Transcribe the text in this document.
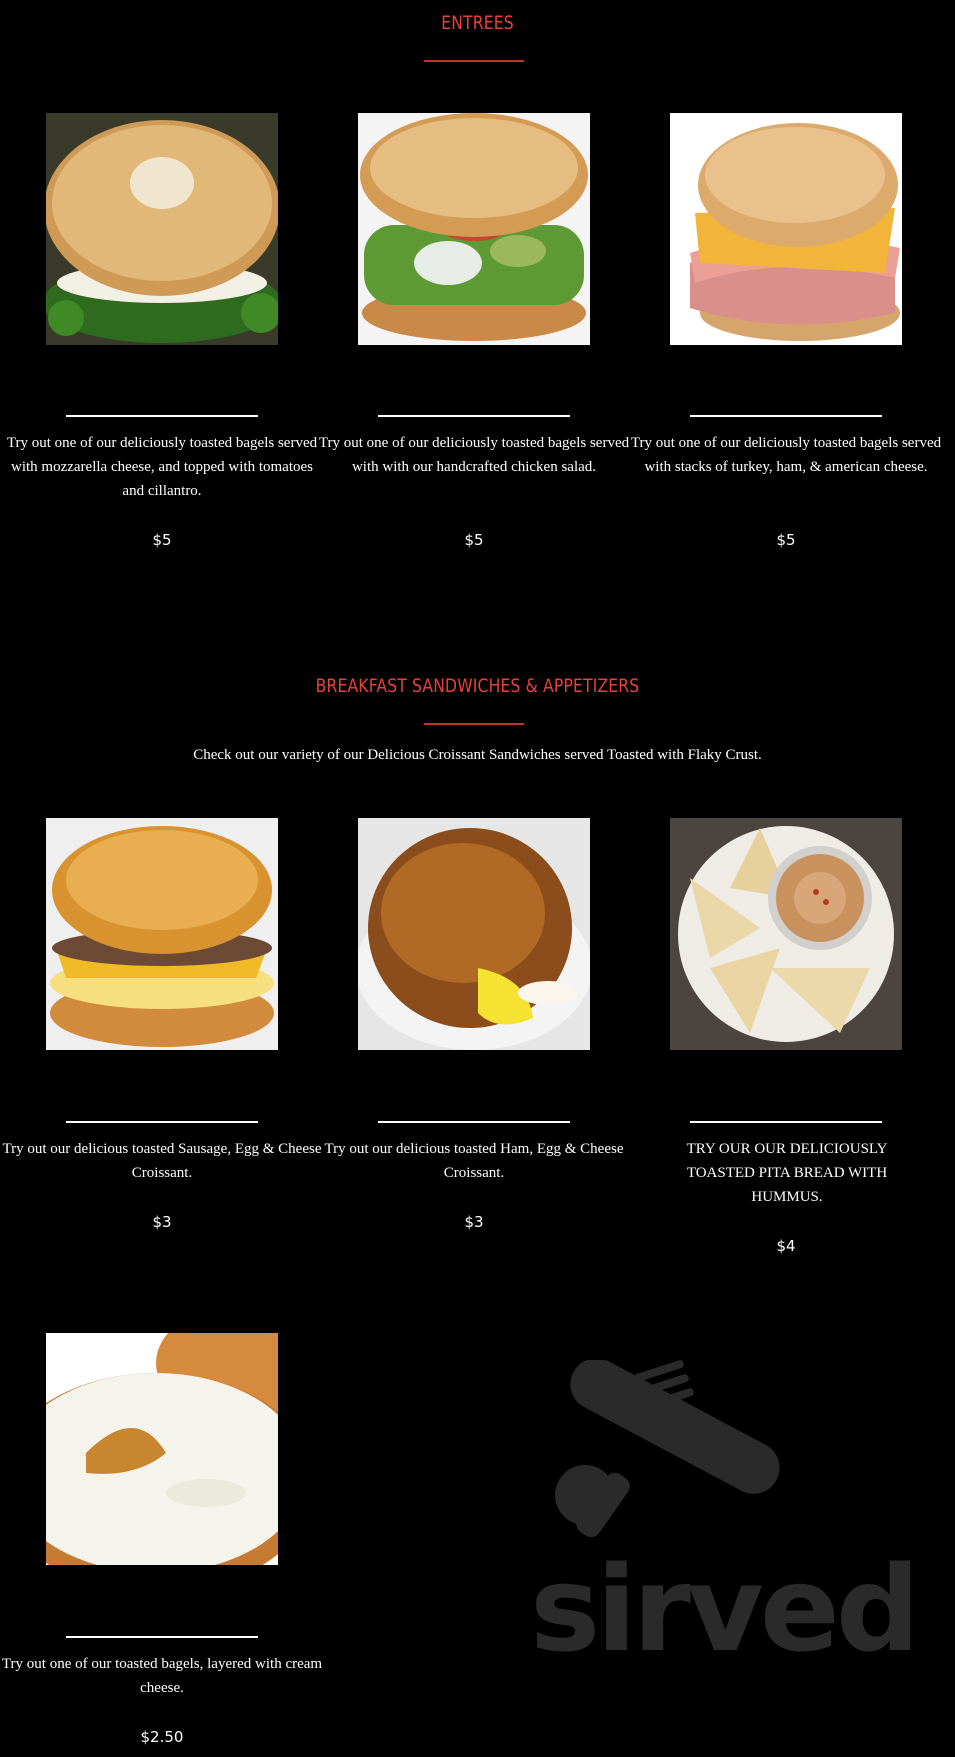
ENTREES
Try out one of our deliciously toasted bagels served with mozzarella cheese, and topped with tomatoes and cillantro.
$5
Try out one of our deliciously toasted bagels served with with our handcrafted chicken salad.
$5
Try out one of our deliciously toasted bagels served with stacks of turkey, ham, & american cheese.
$5
BREAKFAST SANDWICHES & APPETIZERS
Check out our variety of our Delicious Croissant Sandwiches served Toasted with Flaky Crust.
Try out our delicious toasted Sausage, Egg & Cheese Croissant.
$3
Try out our delicious toasted Ham, Egg & Cheese Croissant.
$3
TRY OUR OUR DELICIOUSLY TOASTED PITA BREAD WITH HUMMUS.
$4
Try out one of our toasted bagels, layered with cream cheese.
$2.50
sirved
